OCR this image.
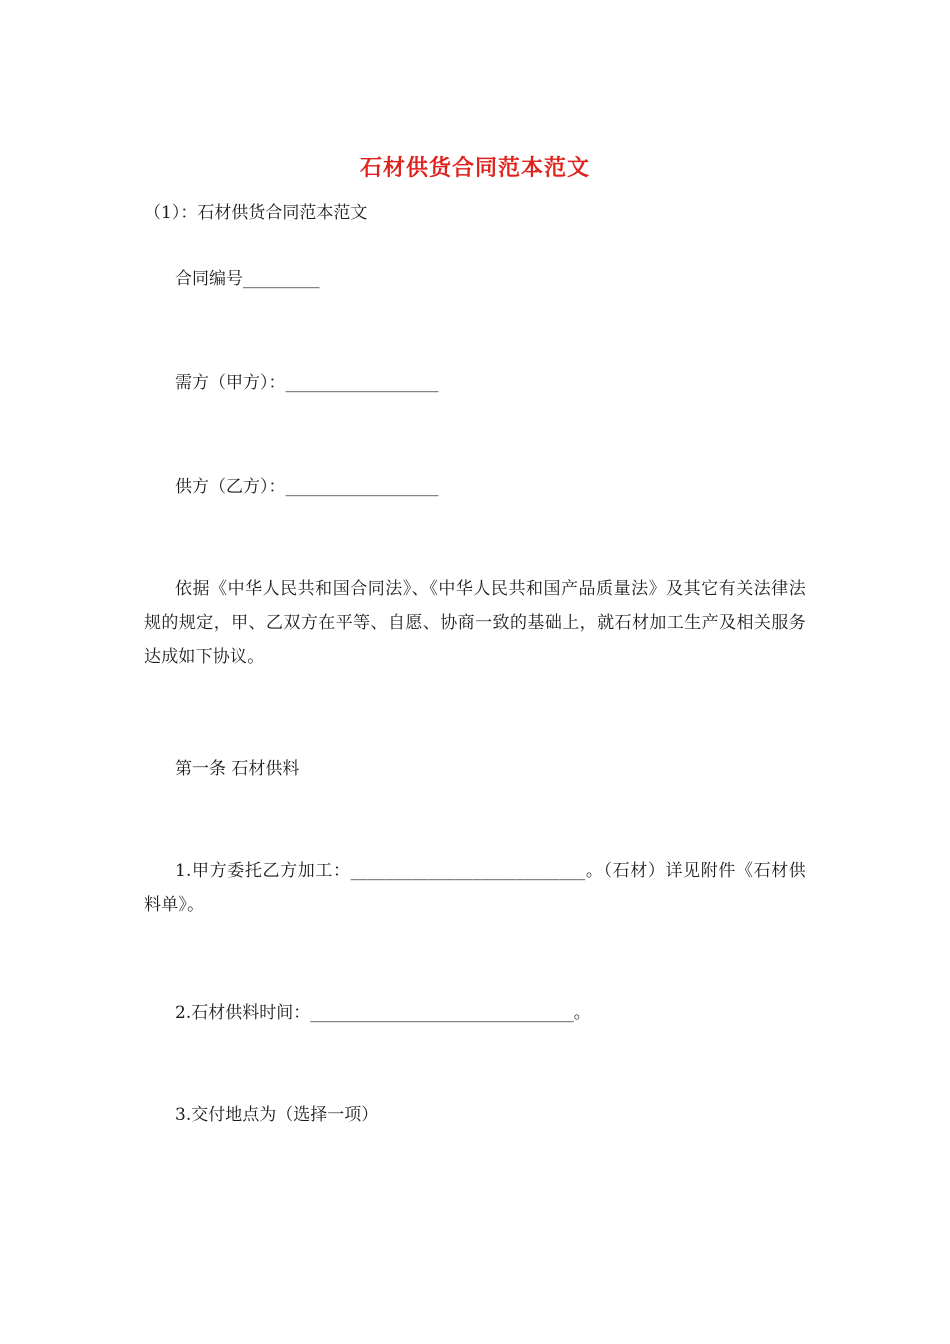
石材供货合同范本范文
（1）：石材供货合同范本范文
合同编号_________
需方（甲方）：__________________
供方（乙方）：__________________
依据《中华人民共和国合同法》、《中华人民共和国产品质量法》及其它有关法律法规的规定，甲、乙双方在平等、自愿、协商一致的基础上，就石材加工生产及相关服务达成如下协议。
第一条 石材供料
1.甲方委托乙方加工：___________________________。（石材）详见附件《石材供料单》。
2.石材供料时间：_______________________________。
3.交付地点为（选择一项）
